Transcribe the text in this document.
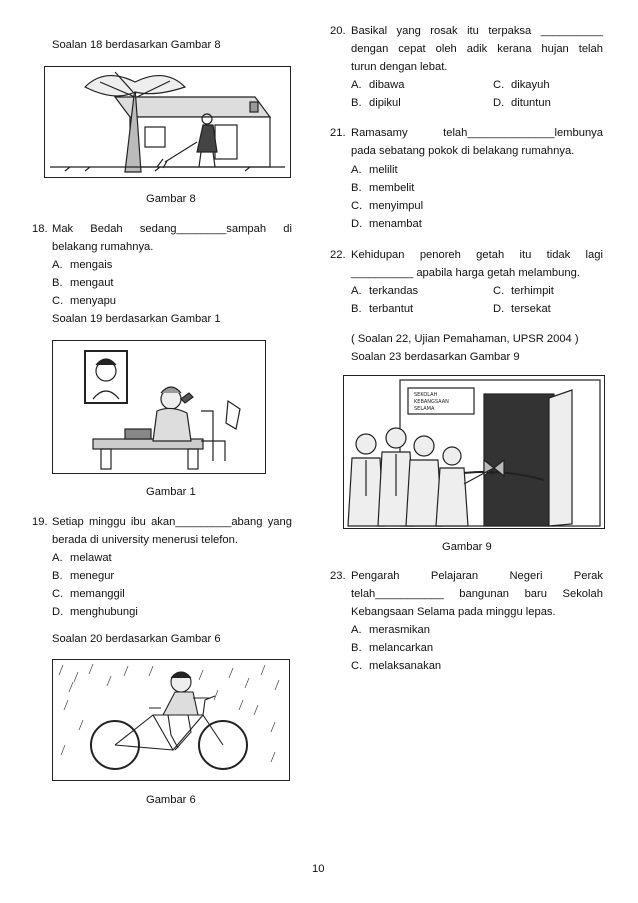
Soalan 18 berdasarkan Gambar 8
Gambar 8
18. Mak Bedah sedang________sampah di
belakang rumahnya.
A. mengais
B. mengaut
C. menyapu
Soalan 19 berdasarkan Gambar 1
Gambar 1
19. Setiap minggu ibu akan_________abang yang
berada di university menerusi telefon.
A. melawat
B. menegur
C. memanggil
D. menghubungi
Soalan 20 berdasarkan Gambar 6
Gambar 6
20. Basikal yang rosak itu terpaksa __________
dengan cepat oleh adik kerana hujan telah
turun dengan lebat.
A. dibawa	C. dikayuh
B. dipikul	D. dituntun
21. Ramasamy	telah______________lembunya
pada sebatang pokok di belakang rumahnya.
A. melilit
B. membelit
C. menyimpul
D. menambat
22. Kehidupan penoreh getah itu tidak lagi
__________ apabila harga getah melambung.
A. terkandas	C. terhimpit
B. terbantut	D. tersekat
( Soalan 22, Ujian Pemahaman, UPSR 2004 )
Soalan 23 berdasarkan Gambar 9
SEKOLAH
KEBANGSAAN
SELAMA
Gambar 9
23. Pengarah	Pelajaran	Negeri	Perak
telah___________ bangunan baru Sekolah
Kebangsaan Selama pada minggu lepas.
A. merasmikan
B. melancarkan
C. melaksanakan
10
